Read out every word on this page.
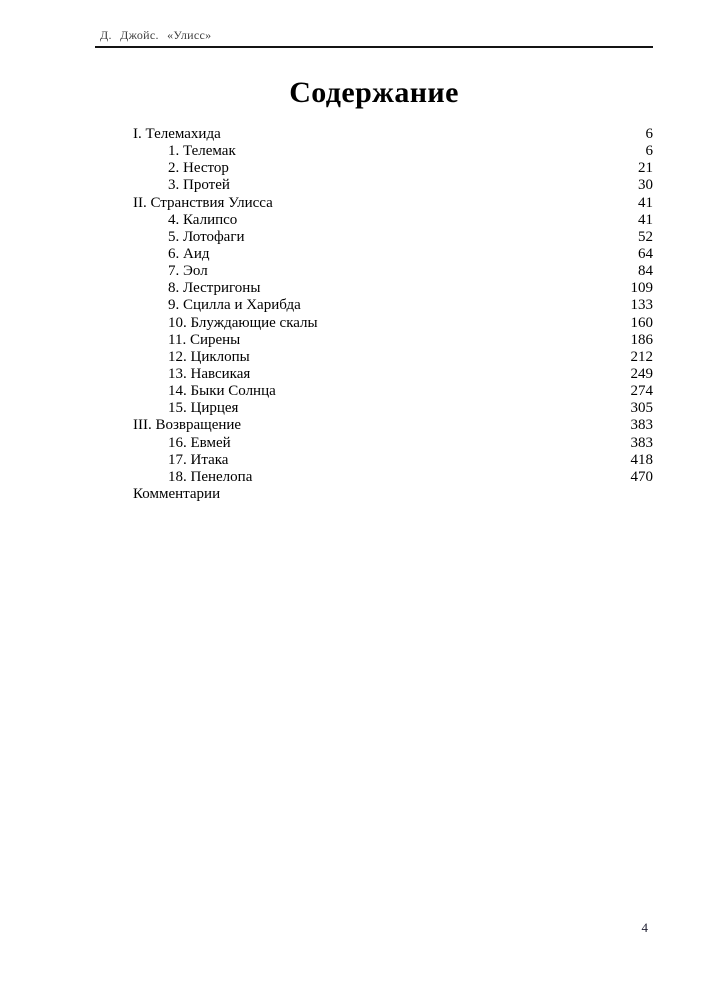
Д. Джойс. «Улисс»
Содержание
I. Телемахида	6
1. Телемак	6
2. Нестор	21
3. Протей	30
II. Странствия Улисса	41
4. Калипсо	41
5. Лотофаги	52
6. Аид	64
7. Эол	84
8. Лестригоны	109
9. Сцилла и Харибда	133
10. Блуждающие скалы	160
11. Сирены	186
12. Циклопы	212
13. Навсикая	249
14. Быки Солнца	274
15. Цирцея	305
III. Возвращение	383
16. Евмей	383
17. Итака	418
18. Пенелопа	470
Комментарии
4
